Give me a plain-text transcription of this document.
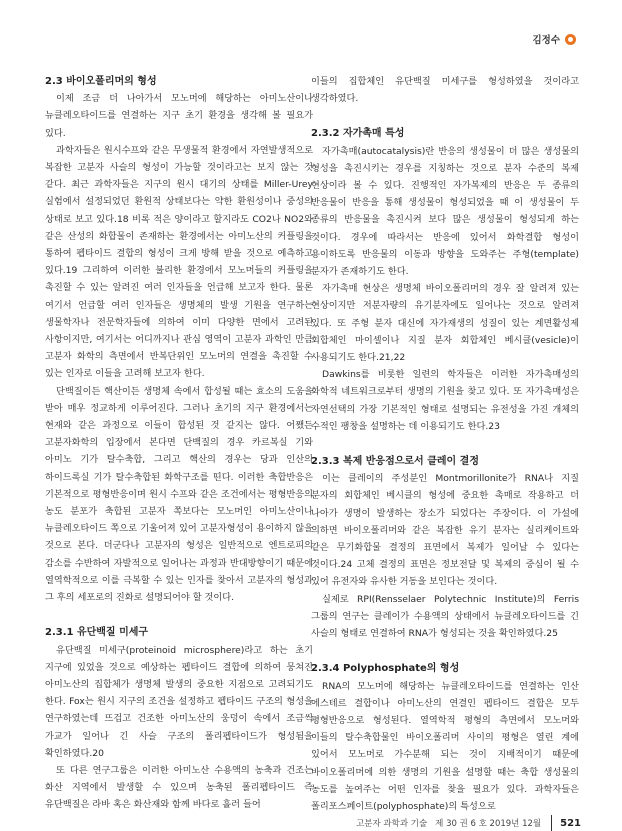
김정수
2.3 바이오폴리머의 형성

이제 조금 더 나아가서 모노머에 해당하는 아미노산이나 뉴클레오타이드를 연결하는 지구 초기 환경을 생각해 볼 필요가 있다.

과학자들은 원시수프와 같은 무생물적 환경에서 자연발생적으로 복잡한 고분자 사슬의 형성이 가능할 것이라고는 보지 않는 것 같다. 최근 과학자들은 지구의 원시 대기의 상태를 Miller-Urey 실험에서 설정되었던 환원적 상태보다는 약한 환원성이나 중성의 상태로 보고 있다.18 비록 적은 양이라고 할지라도 CO2나 NO2와 같은 산성의 화합물이 존재하는 환경에서는 아미노산의 커플링을 통하여 펩타이드 결합의 형성이 크게 방해 받을 것으로 예측하고 있다.19 그리하여 이러한 불리한 환경에서 모노머들의 커플링을 촉진할 수 있는 알려진 여러 인자들을 언급해 보고자 한다. 물론 여기서 언급할 여러 인자들은 생명체의 발생 기원을 연구하는 생물학자나 전문학자들에 의하여 이미 다양한 면에서 고려된 사항이지만, 여기서는 어디까지나 관심 영역이 고분자 과학인 만큼 고분자 화학의 측면에서 반복단위인 모노머의 연결을 촉진할 수 있는 인자로 이들을 고려해 보고자 한다.

단백질이든 핵산이든 생명체 속에서 합성될 때는 효소의 도움을 받아 매우 정교하게 이루어진다. 그러나 초기의 지구 환경에서는 현재와 같은 과정으로 이들이 합성된 것 같지는 않다. 어쨌든 고분자화학의 입장에서 본다면 단백질의 경우 카르복실 기와 아미노 기가 탈수축합, 그리고 핵산의 경우는 당과 인산의 하이드록실 기가 탈수축합된 화학구조를 띤다. 이러한 축합반응은 기본적으로 평형반응이며 원시 수프와 같은 조건에서는 평형반응의 농도 분포가 축합된 고분자 쪽보다는 모노머인 아미노산이나 뉴클레오타이드 쪽으로 기울어져 있어 고분자형성이 용이하지 않을 것으로 본다. 더군다나 고분자의 형성은 일반적으로 엔트로피의 감소를 수반하여 자발적으로 일어나는 과정과 반대방향이기 때문에 열역학적으로 이를 극복할 수 있는 인자를 찾아서 고분자의 형성과 그 후의 세포로의 진화로 설명되어야 할 것이다.

2.3.1 유단백질 미세구

유단백질 미세구(proteinoid microsphere)라고 하는 초기 지구에 있었을 것으로 예상하는 펩타이드 결합에 의하여 뭉쳐진 아미노산의 집합체가 생명체 발생의 중요한 지점으로 고려되기도 한다. Fox는 원시 지구의 조건을 설정하고 펩타이드 구조의 형성을 연구하였는데 뜨겁고 건조한 아미노산의 웅덩이 속에서 조금씩 가교가 일어나 긴 사슬 구조의 폴리펩타이드가 형성됨을 확인하였다.20

또 다른 연구그룹은 이러한 아미노산 수용액의 농축과 건조는 화산 지역에서 발생할 수 있으며 농축된 폴리펩타이드 즉 유단백질은 라바 혹은 화산재와 함께 바다로 흘러 들어

이들의 집합체인 유단백질 미세구를 형성하였을 것이라고 생각하였다.

2.3.2 자가촉매 특성

자가촉매(autocatalysis)란 반응의 생성물이 더 많은 생성물의 형성을 촉진시키는 경우를 지칭하는 것으로 분자 수준의 복제 현상이라 볼 수 있다. 진행적인 자가복제의 반응은 두 종류의 반응물이 반응을 통해 생성물이 형성되었을 때 이 생성물이 두 종류의 반응물을 촉진시켜 보다 많은 생성물이 형성되게 하는 것이다. 경우에 따라서는 반응에 있어서 화학결합 형성이 용이하도록 반응물의 이동과 방향을 도와주는 주형(template) 분자가 존재하기도 한다.

자가촉매 현상은 생명체 바이오폴리머의 경우 잘 알려져 있는 현상이지만 저분자량의 유기분자에도 일어나는 것으로 알려져 있다. 또 주형 분자 대신에 자가재생의 성질이 있는 계면활성제 회합체인 마이셀이나 지질 분자 회합체인 베시클(vesicle)이 사용되기도 한다.21,22

Dawkins를 비롯한 일련의 학자들은 이러한 자가촉매성의 화학적 네트워크로부터 생명의 기원을 찾고 있다. 또 자가촉매성은 자연선택의 가장 기본적인 형태로 설명되는 유전성을 가진 개체의 수적인 팽창을 설명하는 데 이용되기도 한다.23

2.3.3 복제 반응점으로서 클레이 결정

이는 클레이의 주성분인 Montmorillonite가 RNA나 지질 분자의 회합체인 베시클의 형성에 중요한 촉매로 작용하고 더 나아가 생명이 발생하는 장소가 되었다는 주장이다. 이 가설에 의하면 바이오폴리머와 같은 복잡한 유기 분자는 실리케이트와 같은 무기화합물 결정의 표면에서 복제가 일어날 수 있다는 것이다.24 고체 결정의 표면은 정보전달 및 복제의 중심이 될 수 있어 유전자와 유사한 거동을 보인다는 것이다.

실제로 RPI(Rensselaer Polytechnic Institute)의 Ferris 그룹의 연구는 클레이가 수용액의 상태에서 뉴클레오타이드를 긴 사슬의 형태로 연결하여 RNA가 형성되는 것을 확인하였다.25

2.3.4 Polyphosphate의 형성

RNA의 모노머에 해당하는 뉴클레오타이드를 연결하는 인산 에스테르 결합이나 아미노산의 연결인 펩타이드 결합은 모두 평형반응으로 형성된다. 열역학적 평형의 측면에서 모노머와 이들의 탈수축합물인 바이오폴리머 사이의 평형은 열린 계에 있어서 모노머로 가수분해 되는 것이 지배적이기 때문에 바이오폴리머에 의한 생명의 기원을 설명할 때는 축합 생성물의 농도를 높여주는 어떤 인자를 찾을 필요가 있다. 과학자들은 폴리포스페이트(polyphosphate)의 특성으로

고분자 과학과 기술 제 30 권 6 호 2019년 12월 521
